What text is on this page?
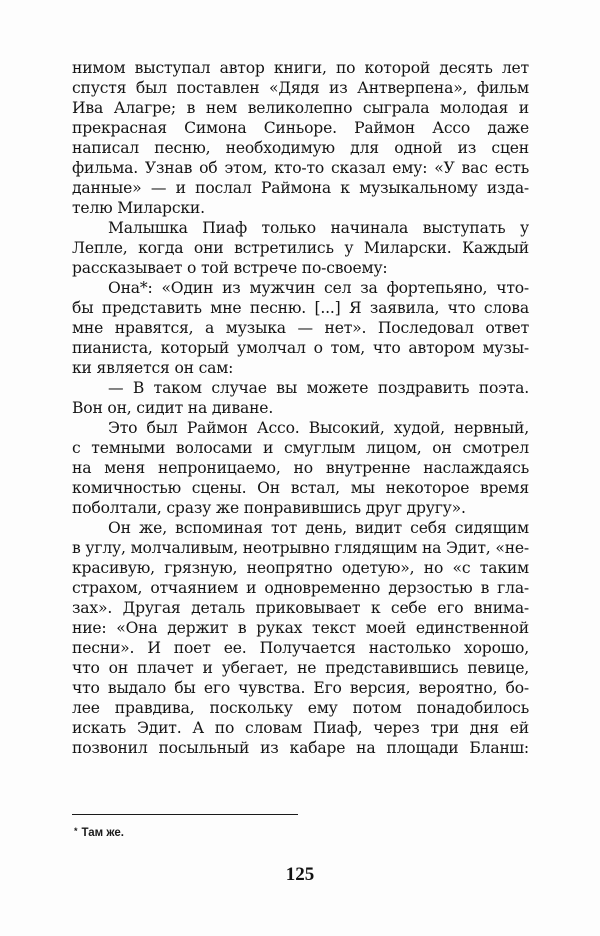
нимом выступал автор книги, по которой десять лет
спустя был поставлен «Дядя из Антверпена», фильм
Ива Алагре; в нем великолепно сыграла молодая и
прекрасная Симона Синьоре. Раймон Ассо даже
написал песню, необходимую для одной из сцен
фильма. Узнав об этом, кто-то сказал ему: «У вас есть
данные» — и послал Раймона к музыкальному изда-
телю Миларски.
Малышка Пиаф только начинала выступать у
Лепле, когда они встретились у Миларски. Каждый
рассказывает о той встрече по-своему:
Она*: «Один из мужчин сел за фортепьяно, что-
бы представить мне песню. [...] Я заявила, что слова
мне нравятся, а музыка — нет». Последовал ответ
пианиста, который умолчал о том, что автором музы-
ки является он сам:
— В таком случае вы можете поздравить поэта.
Вон он, сидит на диване.
Это был Раймон Ассо. Высокий, худой, нервный,
с темными волосами и смуглым лицом, он смотрел
на меня непроницаемо, но внутренне наслаждаясь
комичностью сцены. Он встал, мы некоторое время
поболтали, сразу же понравившись друг другу».
Он же, вспоминая тот день, видит себя сидящим
в углу, молчаливым, неотрывно глядящим на Эдит, «не-
красивую, грязную, неопрятно одетую», но «с таким
страхом, отчаянием и одновременно дерзостью в гла-
зах». Другая деталь приковывает к себе его внима-
ние: «Она держит в руках текст моей единственной
песни». И поет ее. Получается настолько хорошо,
что он плачет и убегает, не представившись певице,
что выдало бы его чувства. Его версия, вероятно, бо-
лее правдива, поскольку ему потом понадобилось
искать Эдит. А по словам Пиаф, через три дня ей
позвонил посыльный из кабаре на площади Бланш:
* Там же.
125
